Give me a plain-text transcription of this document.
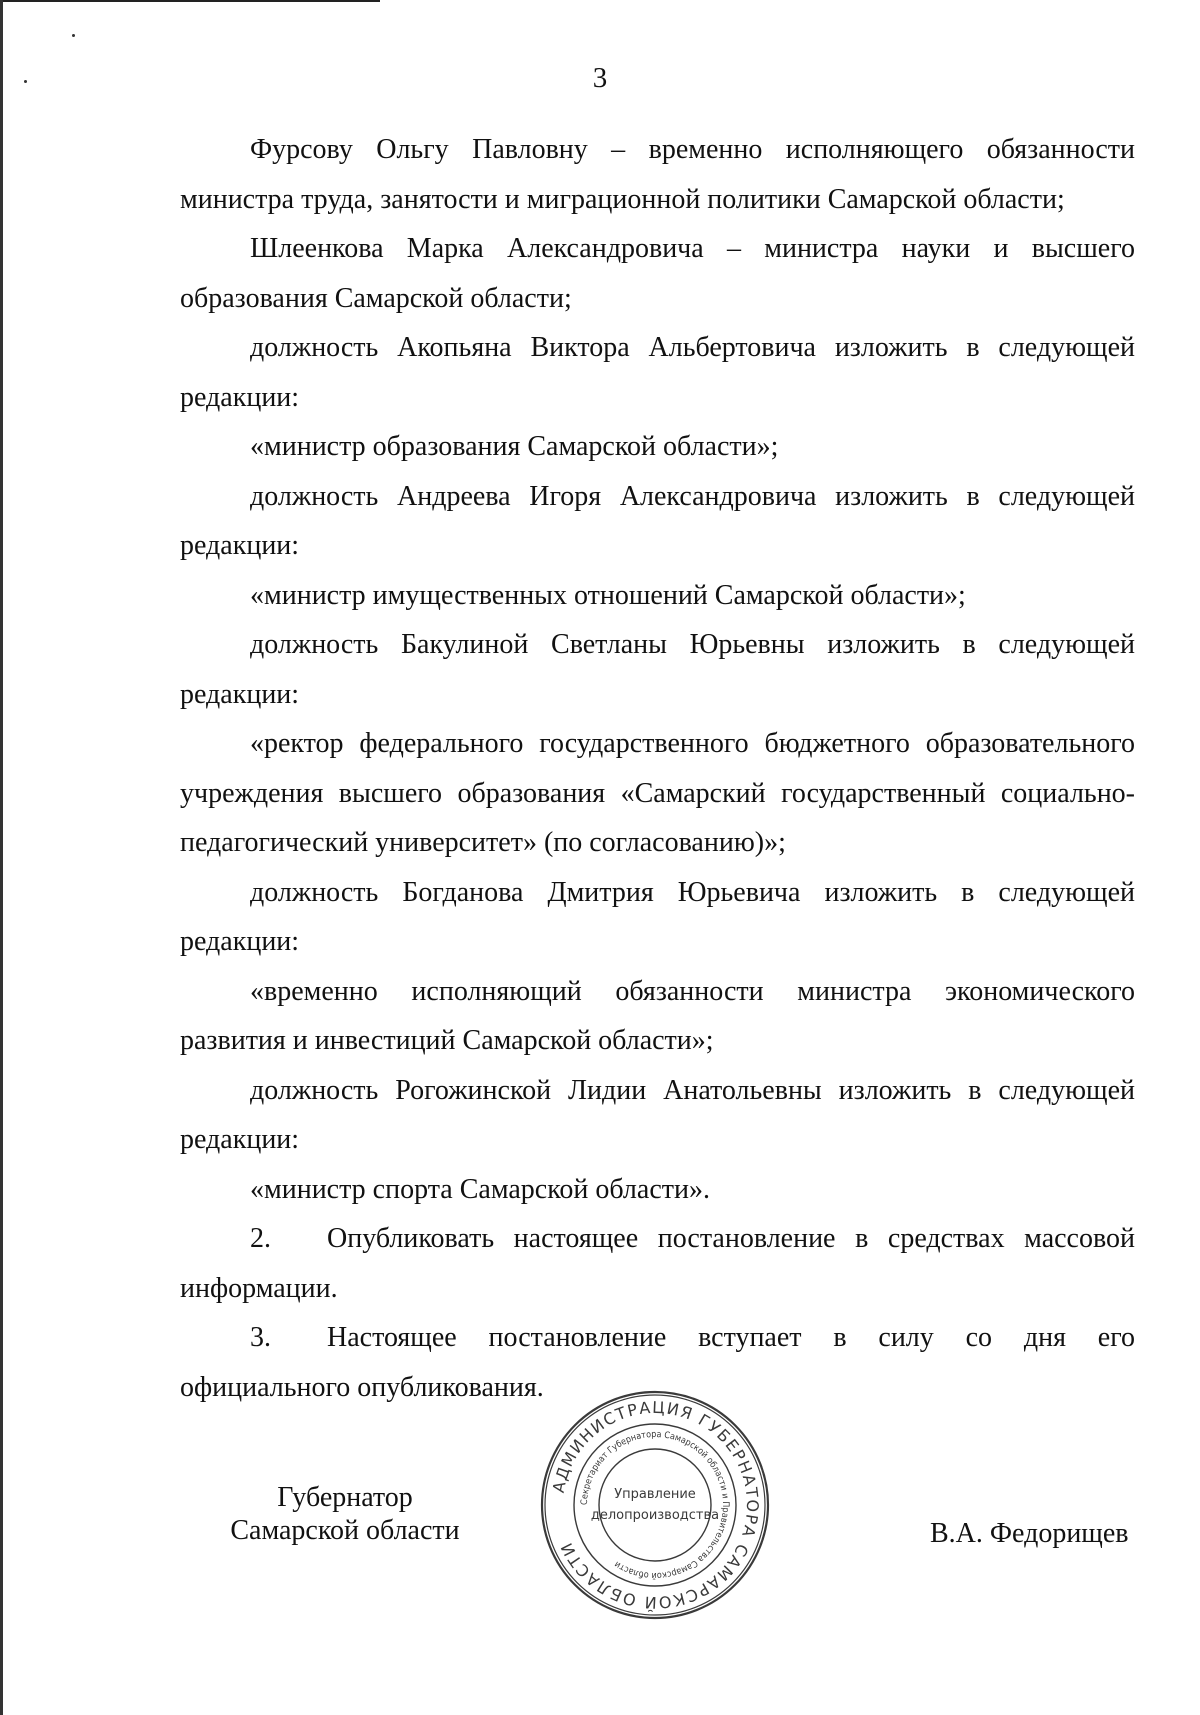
3
Фурсову Ольгу Павловну – временно исполняющего обязанности
министра труда, занятости и миграционной политики Самарской области;
Шлеенкова Марка Александровича – министра науки и высшего
образования Самарской области;
должность Акопьяна Виктора Альбертовича изложить в следующей
редакции:
«министр образования Самарской области»;
должность Андреева Игоря Александровича изложить в следующей
редакции:
«министр имущественных отношений Самарской области»;
должность Бакулиной Светланы Юрьевны изложить в следующей
редакции:
«ректор федерального государственного бюджетного образовательного
учреждения высшего образования «Самарский государственный социально-
педагогический университет» (по согласованию)»;
должность Богданова Дмитрия Юрьевича изложить в следующей
редакции:
«временно исполняющий обязанности министра экономического
развития и инвестиций Самарской области»;
должность Рогожинской Лидии Анатольевны изложить в следующей
редакции:
«министр спорта Самарской области».
2. Опубликовать настоящее постановление в средствах массовой
информации.
3. Настоящее постановление вступает в силу со дня его
официального опубликования.
Губернатор
Самарской области
АДМИНИСТРАЦИЯ ГУБЕРНАТОРА САМАРСКОЙ ОБЛАСТИ
Секретариат Губернатора Самарской области и Правительства Самарской области
Управление
делопроизводства
В.А. Федорищев
